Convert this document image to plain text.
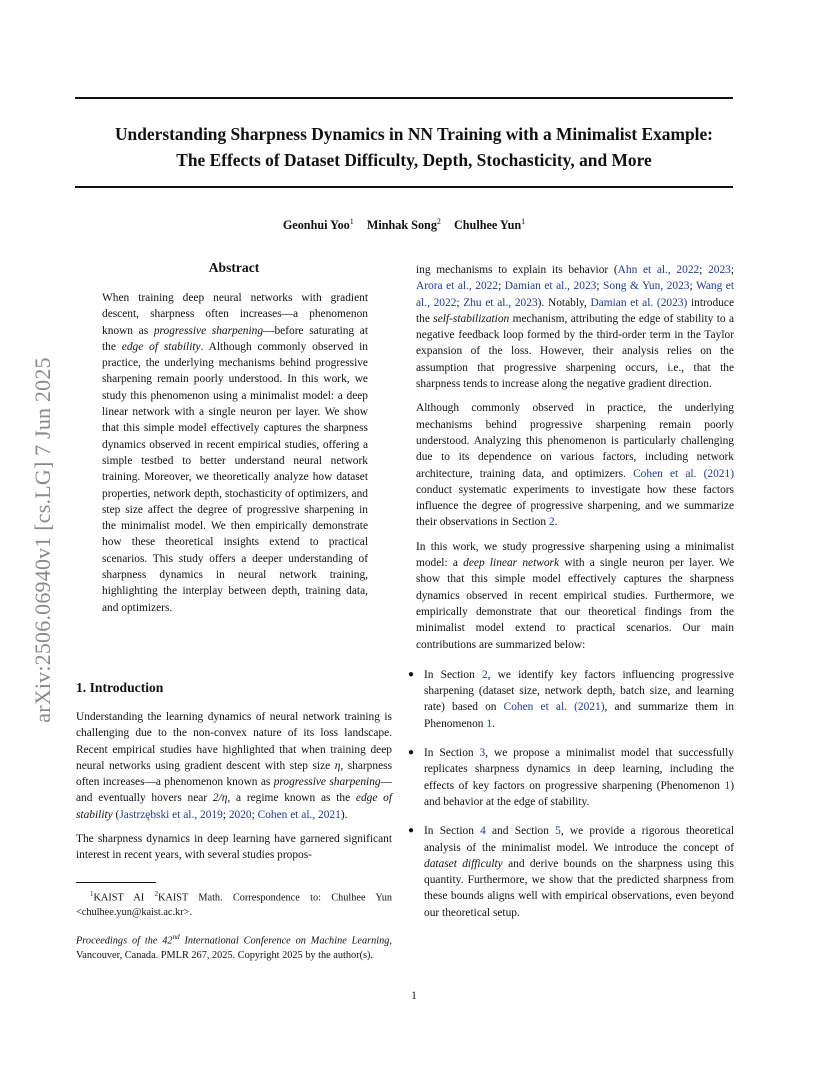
Understanding Sharpness Dynamics in NN Training with a Minimalist Example:
The Effects of Dataset Difficulty, Depth, Stochasticity, and More
Geonhui Yoo$^1$ Minhak Song$^2$ Chulhee Yun$^1$
arXiv:2506.06940v1 [cs.LG] 7 Jun 2025
Abstract
When training deep neural networks with gradient descent, sharpness often increases—a phenomenon known as progressive sharpening—before saturating at the edge of stability. Although commonly observed in practice, the underlying mechanisms behind progressive sharpening remain poorly understood. In this work, we study this phenomenon using a minimalist model: a deep linear network with a single neuron per layer. We show that this simple model effectively captures the sharpness dynamics observed in recent empirical studies, offering a simple testbed to better understand neural network training. Moreover, we theoretically analyze how dataset properties, network depth, stochasticity of optimizers, and step size affect the degree of progressive sharpening in the minimalist model. We then empirically demonstrate how these theoretical insights extend to practical scenarios. This study offers a deeper understanding of sharpness dynamics in neural network training, highlighting the interplay between depth, training data, and optimizers.
1. Introduction

Understanding the learning dynamics of neural network training is challenging due to the non-convex nature of its loss landscape. Recent empirical studies have highlighted that when training deep neural networks using gradient descent with step size η, sharpness often increases—a phenomenon known as progressive sharpening—and eventually hovers near 2/η, a regime known as the edge of stability (Jastrzębski et al., 2019; 2020; Cohen et al., 2021).

The sharpness dynamics in deep learning have garnered significant interest in recent years, with several studies propos-

$^1$KAIST AI $^2$KAIST Math. Correspondence to: Chulhee Yun <chulhee.yun@kaist.ac.kr>.
Proceedings of the 42nd International Conference on Machine Learning, Vancouver, Canada. PMLR 267, 2025. Copyright 2025 by the author(s).

ing mechanisms to explain its behavior (Ahn et al., 2022; 2023; Arora et al., 2022; Damian et al., 2023; Song & Yun, 2023; Wang et al., 2022; Zhu et al., 2023). Notably, Damian et al. (2023) introduce the self-stabilization mechanism, attributing the edge of stability to a negative feedback loop formed by the third-order term in the Taylor expansion of the loss. However, their analysis relies on the assumption that progressive sharpening occurs, i.e., that the sharpness tends to increase along the negative gradient direction.

Although commonly observed in practice, the underlying mechanisms behind progressive sharpening remain poorly understood. Analyzing this phenomenon is particularly challenging due to its dependence on various factors, including network architecture, training data, and optimizers. Cohen et al. (2021) conduct systematic experiments to investigate how these factors influence the degree of progressive sharpening, and we summarize their observations in Section 2.

In this work, we study progressive sharpening using a minimalist model: a deep linear network with a single neuron per layer. We show that this simple model effectively captures the sharpness dynamics observed in recent empirical studies. Furthermore, we empirically demonstrate that our theoretical findings from the minimalist model extend to practical scenarios. Our main contributions are summarized below:

● In Section 2, we identify key factors influencing progressive sharpening (dataset size, network depth, batch size, and learning rate) based on Cohen et al. (2021), and summarize them in Phenomenon 1.
● In Section 3, we propose a minimalist model that successfully replicates sharpness dynamics in deep learning, including the effects of key factors on progressive sharpening (Phenomenon 1) and behavior at the edge of stability.
● In Section 4 and Section 5, we provide a rigorous theoretical analysis of the minimalist model. We introduce the concept of dataset difficulty and derive bounds on the sharpness using this quantity. Furthermore, we show that the predicted sharpness from these bounds aligns well with empirical observations, even beyond our theoretical setup.
1
